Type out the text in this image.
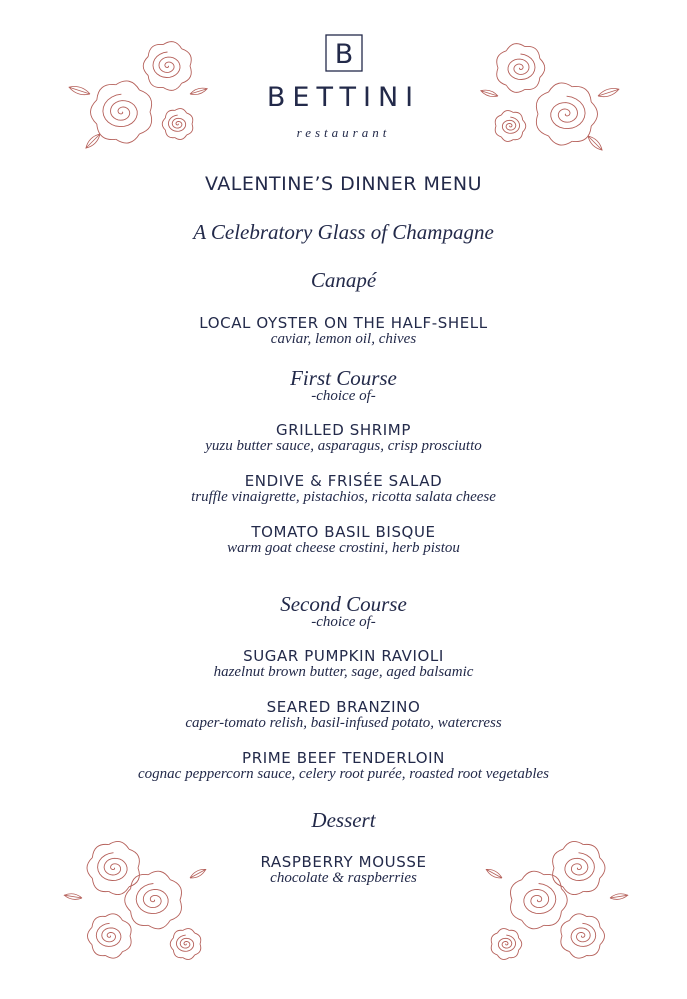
B
BETTINI
restaurant
VALENTINE’S DINNER MENU
A Celebratory Glass of Champagne
Canapé
LOCAL OYSTER ON THE HALF-SHELL
caviar, lemon oil, chives
First Course
-choice of-
GRILLED SHRIMP
yuzu butter sauce, asparagus, crisp prosciutto
ENDIVE & FRISÉE SALAD
truffle vinaigrette, pistachios, ricotta salata cheese
TOMATO BASIL BISQUE
warm goat cheese crostini, herb pistou
Second Course
-choice of-
SUGAR PUMPKIN RAVIOLI
hazelnut brown butter, sage, aged balsamic
SEARED BRANZINO
caper-tomato relish, basil-infused potato, watercress
PRIME BEEF TENDERLOIN
cognac peppercorn sauce, celery root purée, roasted root vegetables
Dessert
RASPBERRY MOUSSE
chocolate & raspberries
